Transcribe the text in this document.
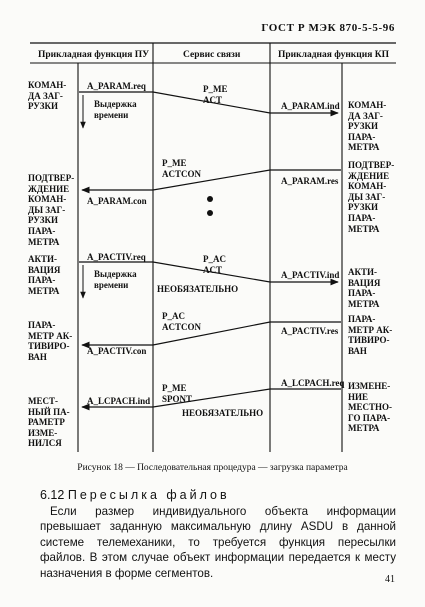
ГОСТ Р МЭК 870-5-5-96
Прикладная функция ПУ	Сервис связи	Прикладная функция КП
КОМАН-
ДА ЗАГ-
РУЗКИ
ПОДТВЕР-
ЖДЕНИЕ
КОМАН-
ДЫ ЗАГ-
РУЗКИ
ПАРА-
МЕТРА
АКТИ-
ВАЦИЯ
ПАРА-
МЕТРА
ПАРА-
МЕТР АК-
ТИВИРО-
ВАН
МЕСТ-
НЫЙ ПА-
РАМЕТР
ИЗМЕ-
НИЛСЯ
КОМАН-
ДА ЗАГ-
РУЗКИ
ПАРА-
МЕТРА
ПОДТВЕР-
ЖДЕНИЕ
КОМАН-
ДЫ ЗАГ-
РУЗКИ
ПАРА-
МЕТРА
АКТИ-
ВАЦИЯ
ПАРА-
МЕТРА
ПАРА-
МЕТР АК-
ТИВИРО-
ВАН
ИЗМЕНЕ-
НИЕ
МЕСТНО-
ГО ПАРА-
МЕТРА
A_PARAM.req
A_PARAM.ind
A_PARAM.res
A_PARAM.con
A_PACTIV.req
A_PACTIV.ind
A_PACTIV.res
A_PACTIV.con
A_LCPACH.req
A_LCPACH.ind
Выдержка
времени
Выдержка
времени
P_ME
ACT
P_ME
ACTCON
P_AC
ACT
P_AC
ACTCON
P_ME
SPONT
НЕОБЯЗАТЕЛЬНО
НЕОБЯЗАТЕЛЬНО
Рисунок 18 — Последовательная процедура — загрузка параметра
6.12 Пересылка файлов
Если размер индивидуального объекта информации превышает заданную максимальную длину ASDU в данной системе телемеханики, то требуется функция пересылки файлов. В этом случае объект информации передается к месту назначения в форме сегментов.	41
